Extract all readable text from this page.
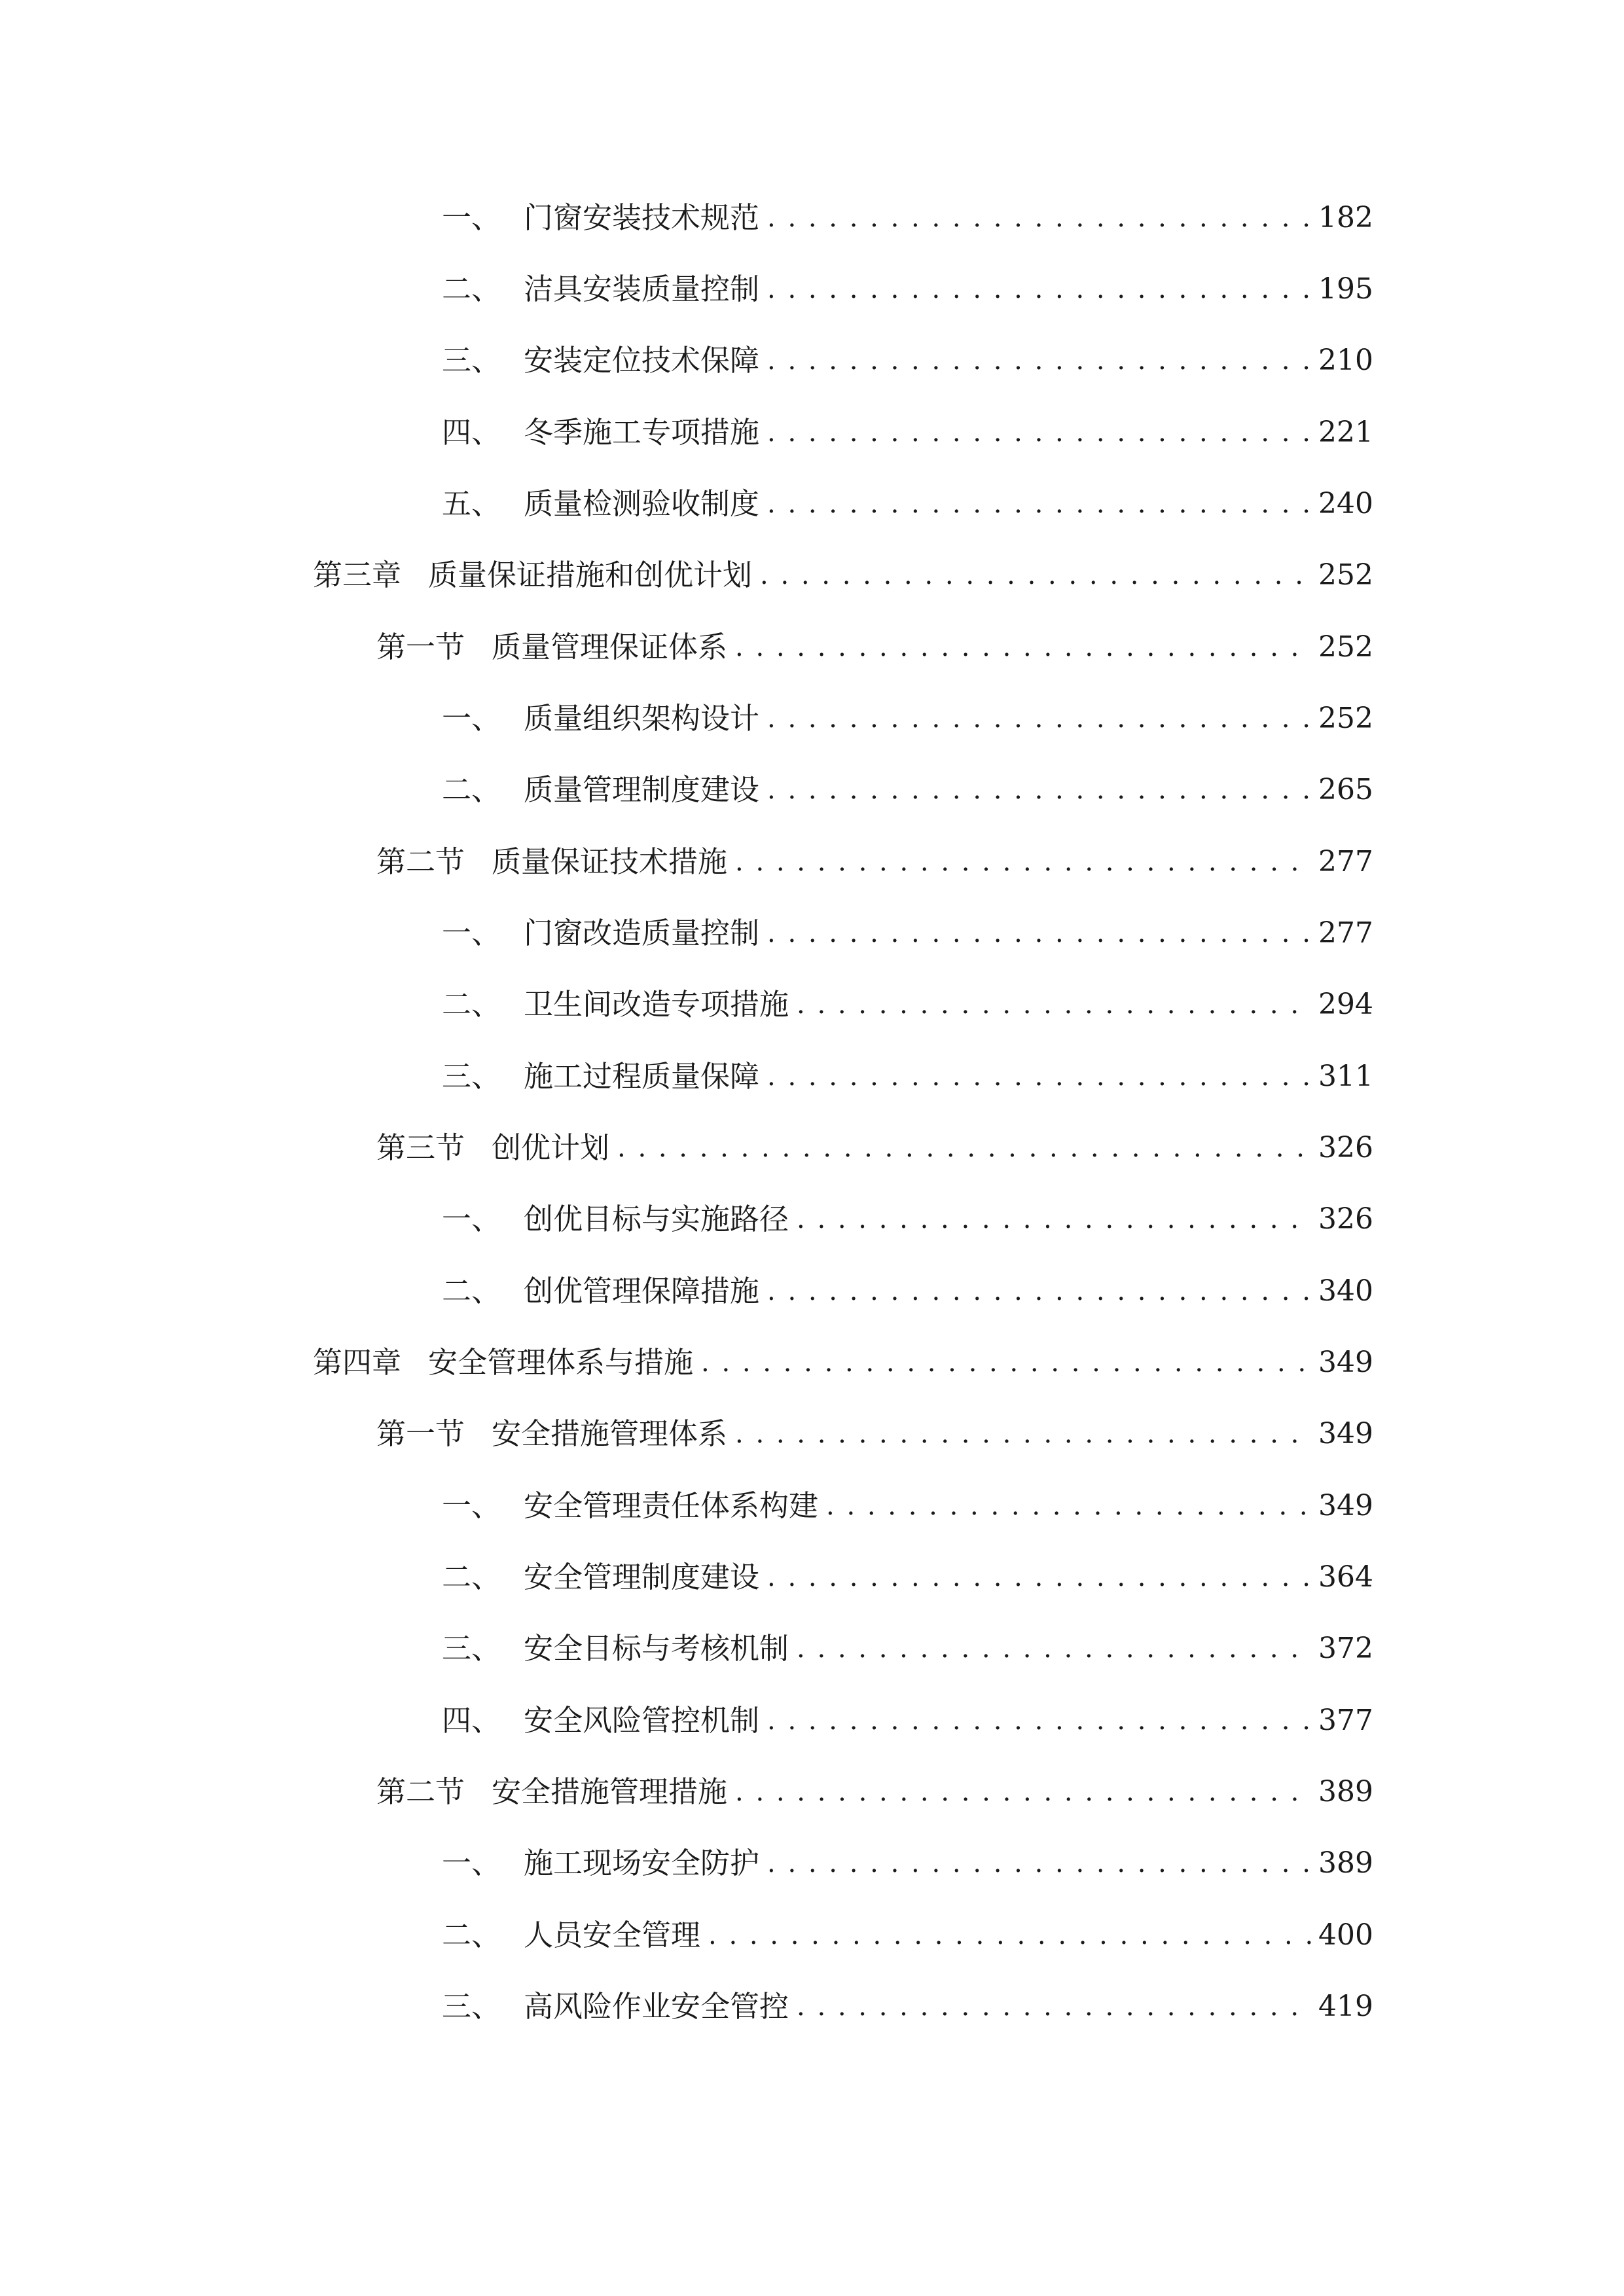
一、 门窗安装技术规范 . . .	182
二、 洁具安装质量控制 . . .	195
三、 安装定位技术保障 . . .	210
四、 冬季施工专项措施 . . .	221
五、 质量检测验收制度 . . .	240
第三章 质量保证措施和创优计划 . . .	252
第一节 质量管理保证体系 . . .	252
一、 质量组织架构设计 . . .	252
二、 质量管理制度建设 . . .	265
第二节 质量保证技术措施 . . .	277
一、 门窗改造质量控制 . . .	277
二、 卫生间改造专项措施 . . .	294
三、 施工过程质量保障 . . .	311
第三节 创优计划 . . .	326
一、 创优目标与实施路径 . . .	326
二、 创优管理保障措施 . . .	340
第四章 安全管理体系与措施 . . .	349
第一节 安全措施管理体系 . . .	349
一、 安全管理责任体系构建 . . .	349
二、 安全管理制度建设 . . .	364
三、 安全目标与考核机制 . . .	372
四、 安全风险管控机制 . . .	377
第二节 安全措施管理措施 . . .	389
一、 施工现场安全防护 . . .	389
二、 人员安全管理 . . .	400
三、 高风险作业安全管控 . . .	419
